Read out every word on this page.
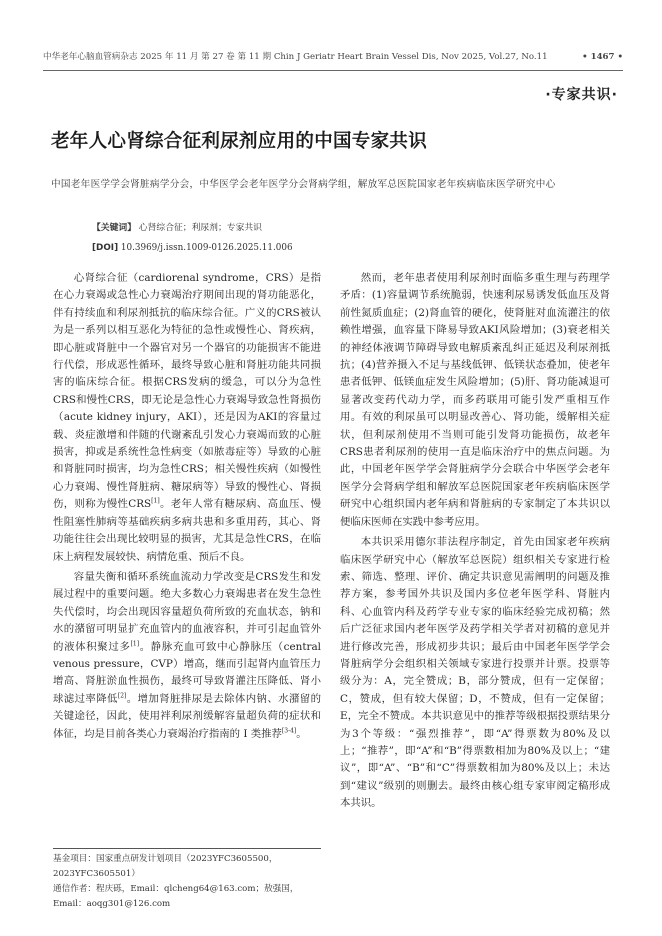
中华老年心脑血管病杂志 2025 年 11 月 第 27 卷 第 11 期 Chin J Geriatr Heart Brain Vessel Dis, Nov 2025, Vol.27, No.11	• 1467 •
·专家共识·
老年人心肾综合征利尿剂应用的中国专家共识
中国老年医学学会肾脏病学分会，中华医学会老年医学分会肾病学组，解放军总医院国家老年疾病临床医学研究中心
【关键词】 心肾综合征；利尿剂；专家共识
[DOI] 10.3969/j.issn.1009-0126.2025.11.006

心肾综合征（cardiorenal syndrome，CRS）是指在心力衰竭或急性心力衰竭治疗期间出现的肾功能恶化，伴有持续血和利尿剂抵抗的临床综合征。广义的CRS被认为是一系列以相互恶化为特征的急性或慢性心、肾疾病，即心脏或肾脏中一个器官对另一个器官的功能损害不能进行代偿，形成恶性循环，最终导致心脏和肾脏功能共同损害的临床综合征。根据CRS发病的缓急，可以分为急性CRS和慢性CRS，即无论是急性心力衰竭导致急性肾损伤（acute kidney injury，AKI），还是因为AKI的容量过载、炎症激增和伴随的代谢紊乱引发心力衰竭而致的心脏损害，抑或是系统性急性病变（如脓毒症等）导致的心脏和肾脏同时损害，均为急性CRS；相关慢性疾病（如慢性心力衰竭、慢性肾脏病、糖尿病等）导致的慢性心、肾损伤，则称为慢性CRS[1]。老年人常有糖尿病、高血压、慢性阻塞性肺病等基础疾病多病共患和多重用药，其心、肾功能往往会出现比较明显的损害，尤其是急性CRS，在临床上病程发展较快、病情危重、预后不良。

容量失衡和循环系统血流动力学改变是CRS发生和发展过程中的重要问题。绝大多数心力衰竭患者在发生急性失代偿时，均会出现因容量超负荷所致的充血状态，钠和水的潴留可明显扩充血管内的血液容积，并可引起血管外的液体积聚过多[1]。静脉充血可致中心静脉压（central venous pressure，CVP）增高，继而引起肾内血管压力增高、肾脏淤血性损伤，最终可导致肾灌注压降低、肾小球滤过率降低[2]。增加肾脏排尿是去除体内钠、水潴留的关键途径，因此，使用袢利尿剂缓解容量超负荷的症状和体征，均是目前各类心力衰竭治疗指南的 I 类推荐[3-4]。

然而，老年患者使用利尿剂时面临多重生理与药理学矛盾：(1)容量调节系统脆弱，快速利尿易诱发低血压及肾前性氮质血症；(2)肾血管的硬化，使肾脏对血流灌注的依赖性增强，血容量下降易导致AKI风险增加；(3)衰老相关的神经体液调节障碍导致电解质紊乱纠正延迟及利尿剂抵抗；(4)营养摄入不足与基线低钾、低镁状态叠加，使老年患者低钾、低镁血症发生风险增加；(5)肝、肾功能减退可显著改变药代动力学，而多药联用可能引发严重相互作用。有效的利尿虽可以明显改善心、肾功能，缓解相关症状，但利尿剂使用不当则可能引发肾功能损伤，故老年CRS患者利尿剂的使用一直是临床治疗中的焦点问题。为此，中国老年医学学会肾脏病学分会联合中华医学会老年医学分会肾病学组和解放军总医院国家老年疾病临床医学研究中心组织国内老年病和肾脏病的专家制定了本共识以便临床医师在实践中参考应用。

本共识采用德尔菲法程序制定，首先由国家老年疾病临床医学研究中心（解放军总医院）组织相关专家进行检索、筛选、整理、评价、确定共识意见需阐明的问题及推荐方案，参考国外共识及国内多位老年医学科、肾脏内科、心血管内科及药学专业专家的临床经验完成初稿；然后广泛征求国内老年医学及药学相关学者对初稿的意见并进行修改完善，形成初步共识；最后由中国老年医学学会肾脏病学分会组织相关领域专家进行投票并计票。投票等级分为：A，完全赞成；B，部分赞成，但有一定保留；C，赞成，但有较大保留；D，不赞成，但有一定保留；E，完全不赞成。本共识意见中的推荐等级根据投票结果分为3个等级：“强烈推荐”，即“A”得票数为80%及以上；“推荐”，即“A”和“B”得票数相加为80%及以上；“建议”，即“A”、“B”和“C”得票数相加为80%及以上；未达到“建议”级别的则删去。最终由核心组专家审阅定稿形成本共识。

基金项目：国家重点研发计划项目（2023YFC3605500，2023YFC3605501）
通信作者：程庆砾，Email：qlcheng64@163.com；敖强国，Email：aoqg301@126.com
